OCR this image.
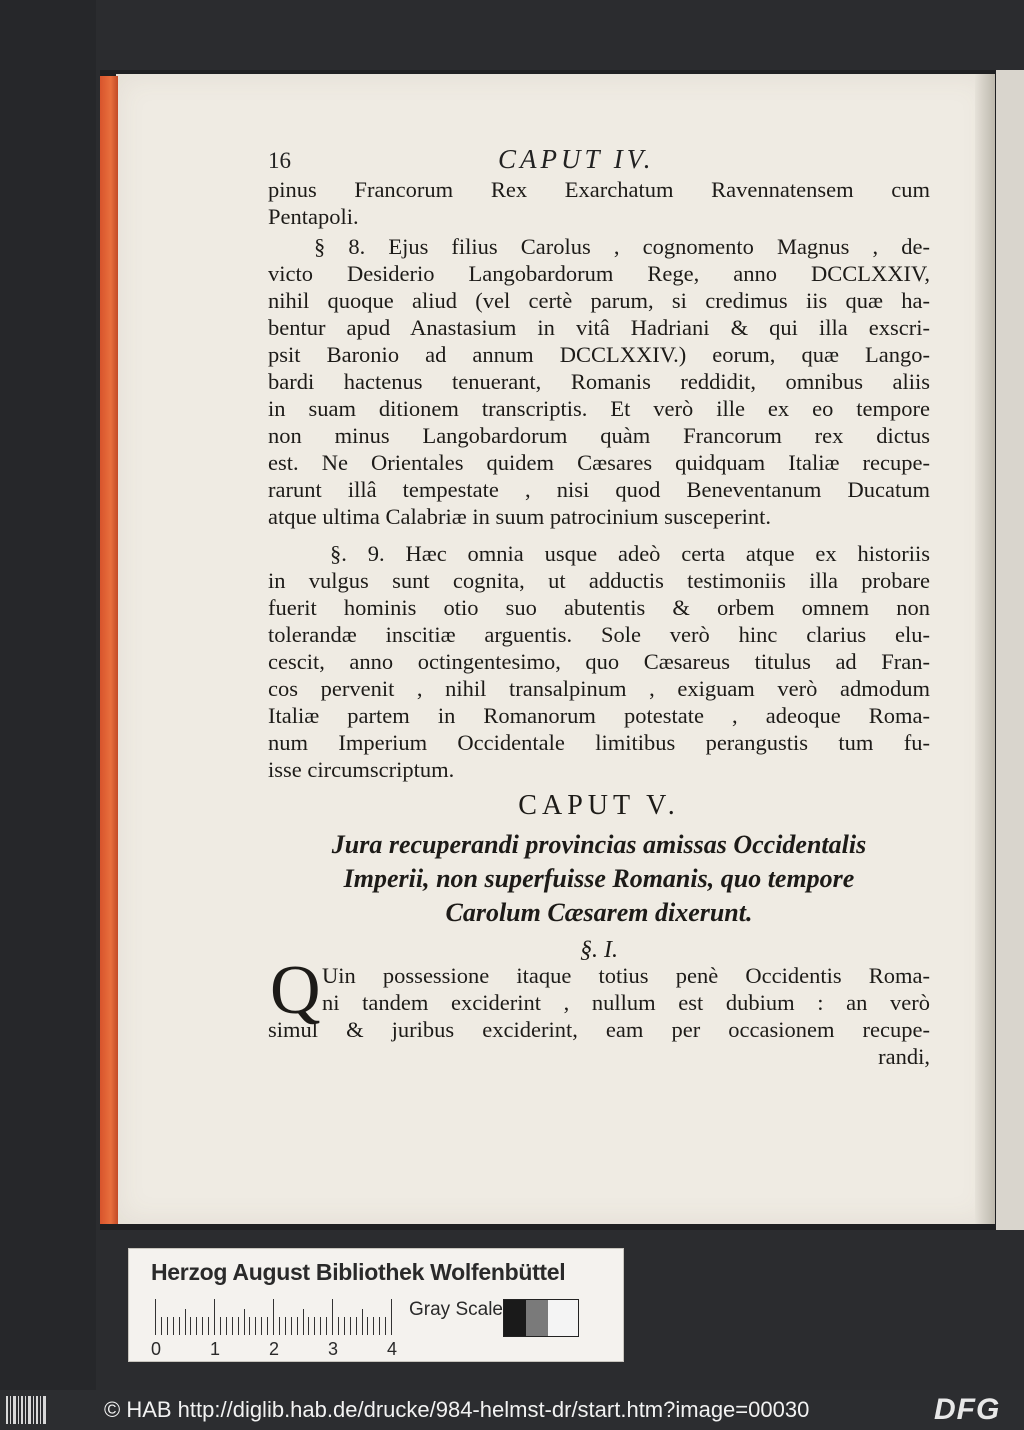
16	CAPUT IV.
pinus Francorum Rex Exarchatum Ravennatensem cum
Pentapoli.
§ 8. Ejus filius Carolus , cognomento Magnus , de-
victo Desiderio Langobardorum Rege, anno DCCLXXIV,
nihil quoque aliud (vel certè parum, si credimus iis quæ ha-
bentur apud Anastasium in vitâ Hadriani & qui illa exscri-
psit Baronio ad annum DCCLXXIV.) eorum, quæ Lango-
bardi hactenus tenuerant, Romanis reddidit, omnibus aliis
in suam ditionem transcriptis. Et verò ille ex eo tempore
non minus Langobardorum quàm Francorum rex dictus
est. Ne Orientales quidem Cæsares quidquam Italiæ recupe-
rarunt illâ tempestate , nisi quod Beneventanum Ducatum
atque ultima Calabriæ in suum patrocinium susceperint.
§. 9. Hæc omnia usque adeò certa atque ex historiis
in vulgus sunt cognita, ut adductis testimoniis illa probare
fuerit hominis otio suo abutentis & orbem omnem non
tolerandæ inscitiæ arguentis. Sole verò hinc clarius elu-
cescit, anno octingentesimo, quo Cæsareus titulus ad Fran-
cos pervenit , nihil transalpinum , exiguam verò admodum
Italiæ partem in Romanorum potestate , adeoque Roma-
num Imperium Occidentale limitibus perangustis tum fu-
isse circumscriptum.
CAPUT V.
Jura recuperandi provincias amissas Occidentalis
Imperii, non superfuisse Romanis, quo tempore
Carolum Cæsarem dixerunt.
§. I.
Q Uin possessione itaque totius penè Occidentis Roma-
ni tandem exciderint , nullum est dubium : an verò
simul & juribus exciderint, eam per occasionem recupe-
randi,
Herzog August Bibliothek Wolfenbüttel
0	1	2	3	4
Gray Scale
© HAB http://diglib.hab.de/drucke/984-helmst-dr/start.htm?image=00030	DFG
